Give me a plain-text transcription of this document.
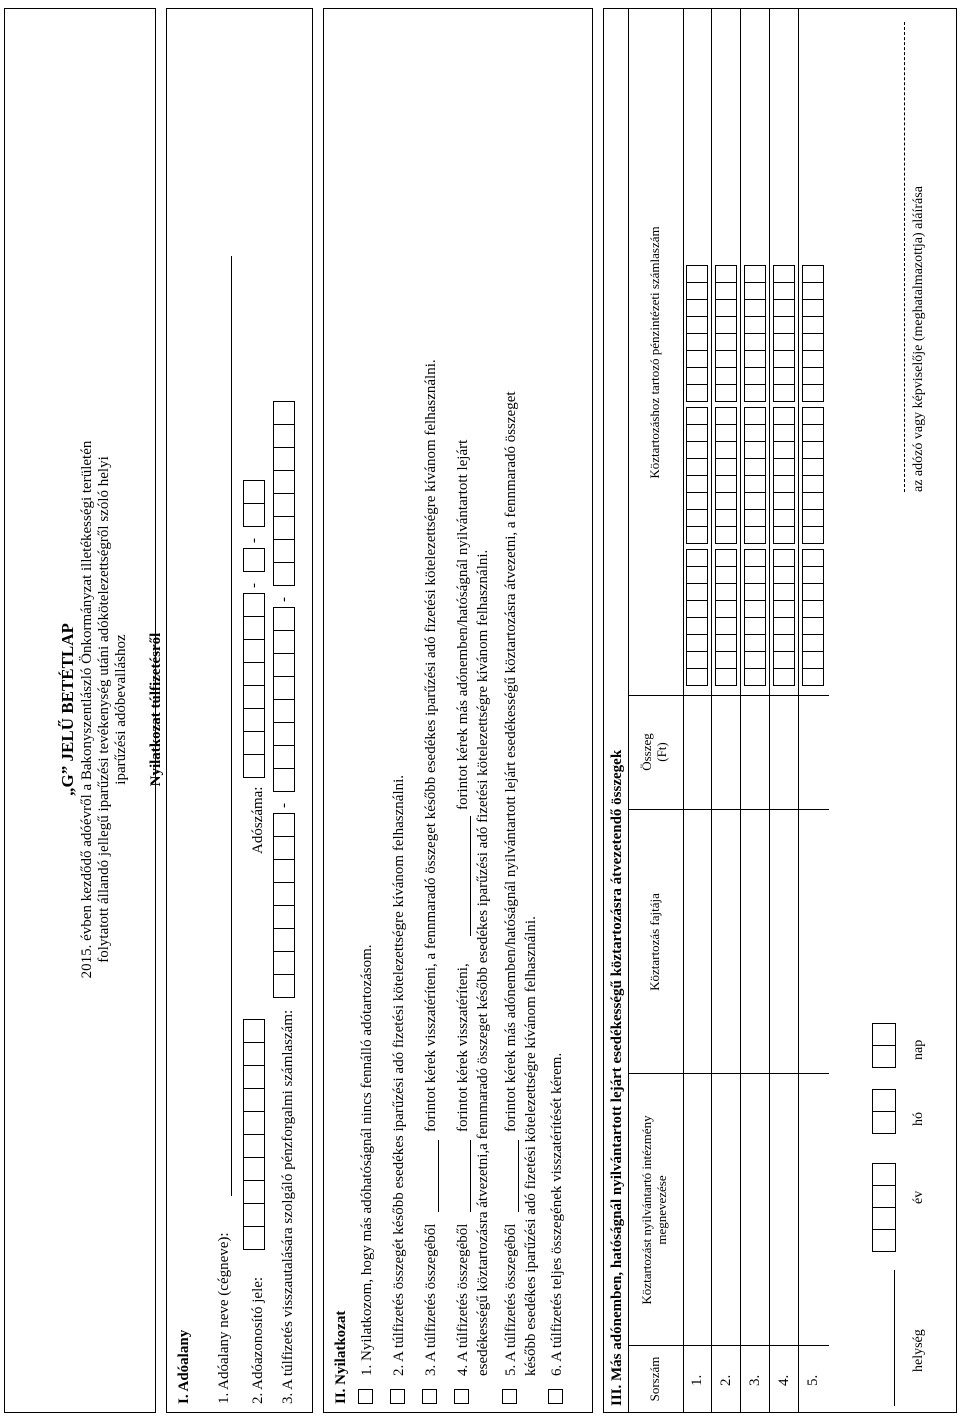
„G” JELŰ BETÉTLAP 2015. évben kezdődő adóévről a Bakonyszentlászló Önkormányzat illetékességi területén folytatott állandó jellegű iparűzési tevékenység utáni adókötelezettségről szóló helyi iparűzési adóbevalláshoz Nyilatkozat túlfizetésről
I. Adóalany 1. Adóalany neve (cégneve): 2. Adóazonosító jele:
Adószáma:
-
-
3. A túlfizetés visszautalására szolgáló pénzforgalmi számlaszám:
-
-
II. Nyilatkozat 1. Nyilatkozom, hogy más adóhatóságnál nincs fennálló adótartozásom. 2. A túlfizetés összegét később esedékes iparűzési adó fizetési kötelezettségre kívánom felhasználni. 3. A túlfizetés összegéből
forintot kérek visszatéríteni, a fennmaradó összeget később esedékes iparűzési adó fizetési kötelezettségre kívánom felhasználni.
4. A túlfizetés összegéből
forintot kérek visszatéríteni,
forintot kérek más adónemben/hatóságnál nyilvántartott lejárt esedékességű köztartozásra átvezetni,a fennmaradó összeget később esedékes iparűzési adó fizetési kötelezettségre kívánom felhasználni. 5. A túlfizetés összegéből
forintot kérek más adónemben/hatóságnál nyilvántartott lejárt esedékességű köztartozásra átvezetni, a fennmaradó összeget
később esedékes iparűzési adó fizetési kötelezettségre kívánom felhasználni. 6. A túlfizetés teljes összegének visszatérítését kérem.	III. Más adónemben, hatóságnál nyilvántartott lejárt esedékességű köztartozásra átvezetendő összegek Sorszám
Köztartozást nyilvántartó intézmény megnevezése
Köztartozás fajtája
Összeg (Ft)
Köztartozáshoz tartozó pénzintézeti számlaszám
1. 2. 3. 4. 5.
helység
év
hó
nap
az adózó vagy képviselője (meghatalmazottja) aláírása
